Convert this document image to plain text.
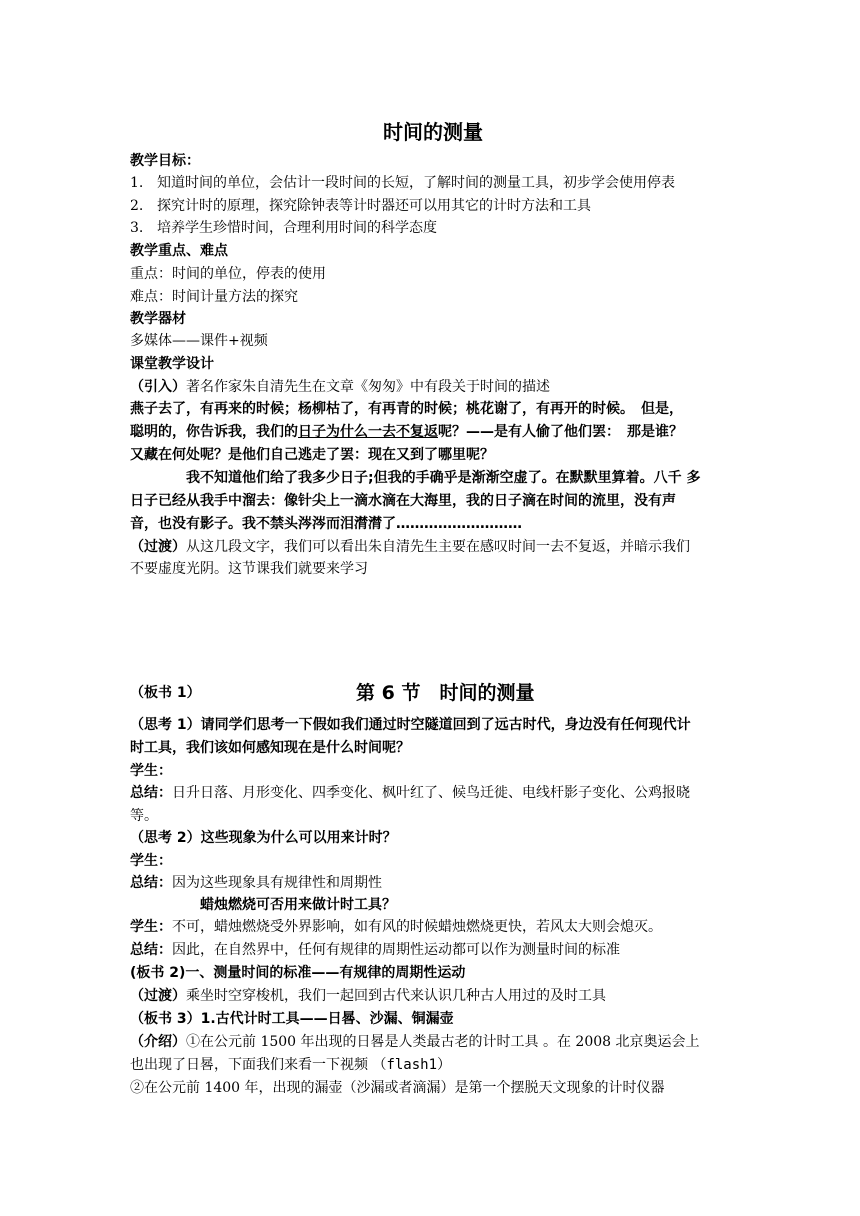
时间的测量
教学目标：
1. 知道时间的单位，会估计一段时间的长短，了解时间的测量工具，初步学会使用停表
2. 探究计时的原理，探究除钟表等计时器还可以用其它的计时方法和工具
3. 培养学生珍惜时间，合理利用时间的科学态度
教学重点、难点
重点：时间的单位，停表的使用
难点：时间计量方法的探究
教学器材
多媒体——课件+视频
课堂教学设计
（引入）著名作家朱自清先生在文章《匆匆》中有段关于时间的描述
燕子去了，有再来的时候；杨柳枯了，有再青的时候；桃花谢了，有再开的时候。　但是，
聪明的，你告诉我，我们的日子为什么一去不复返呢？——是有人偷了他们罢：　那是谁？
又藏在何处呢？是他们自己逃走了罢：现在又到了哪里呢？
我不知道他们给了我多少日子;但我的手确乎是渐渐空虚了。在默默里算着。八千 多
日子已经从我手中溜去：像针尖上一滴水滴在大海里，我的日子滴在时间的流里，没有声
音，也没有影子。我不禁头涔涔而泪潸潸了………………………
（过渡）从这几段文字，我们可以看出朱自清先生主要在感叹时间一去不复返，并暗示我们
不要虚度光阴。这节课我们就要来学习
（板书 1）	第 6 节　时间的测量
（思考 1）请同学们思考一下假如我们通过时空隧道回到了远古时代，身边没有任何现代计
时工具，我们该如何感知现在是什么时间呢？
学生：
总结：日升日落、月形变化、四季变化、枫叶红了、候鸟迁徙、电线杆影子变化、公鸡报晓
等。
（思考 2）这些现象为什么可以用来计时？
学生：
总结：因为这些现象具有规律性和周期性
蜡烛燃烧可否用来做计时工具？
学生：不可，蜡烛燃烧受外界影响，如有风的时候蜡烛燃烧更快，若风太大则会熄灭。
总结：因此，在自然界中，任何有规律的周期性运动都可以作为测量时间的标准
(板书 2)一、测量时间的标准——有规律的周期性运动
（过渡）乘坐时空穿梭机，我们一起回到古代来认识几种古人用过的及时工具
（板书 3）1.古代计时工具——日晷、沙漏、铜漏壶
（介绍）①在公元前 1500 年出现的日晷是人类最古老的计时工具 。在 2008 北京奥运会上
也出现了日晷，下面我们来看一下视频 （flash1）
②在公元前 1400 年，出现的漏壶（沙漏或者滴漏）是第一个摆脱天文现象的计时仪器
